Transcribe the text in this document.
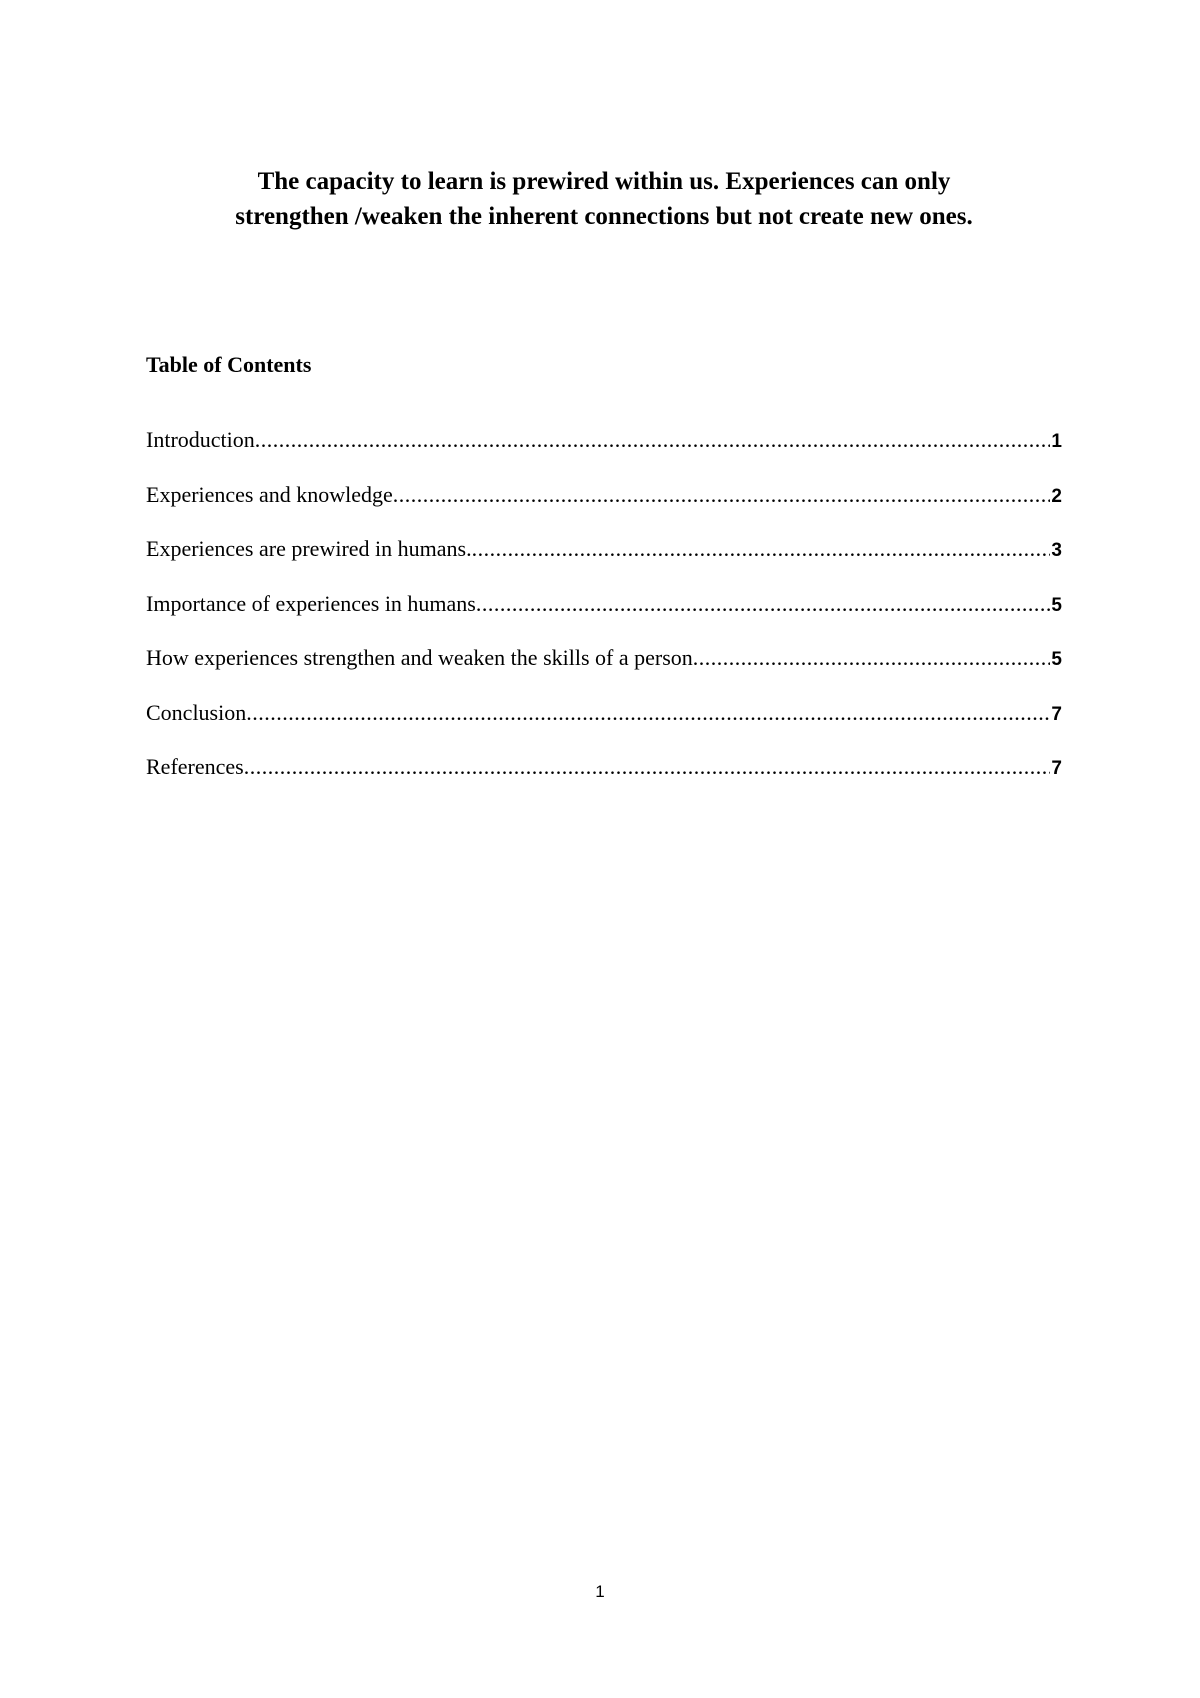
The capacity to learn is prewired within us. Experiences can only
strengthen /weaken the inherent connections but not create new ones.
Table of Contents
Introduction .....	1
Experiences and knowledge .....	2
Experiences are prewired in humans. .....	3
Importance of experiences in humans .....	5
How experiences strengthen and weaken the skills of a person .....	5
Conclusion .....	7
References .....	7

1
